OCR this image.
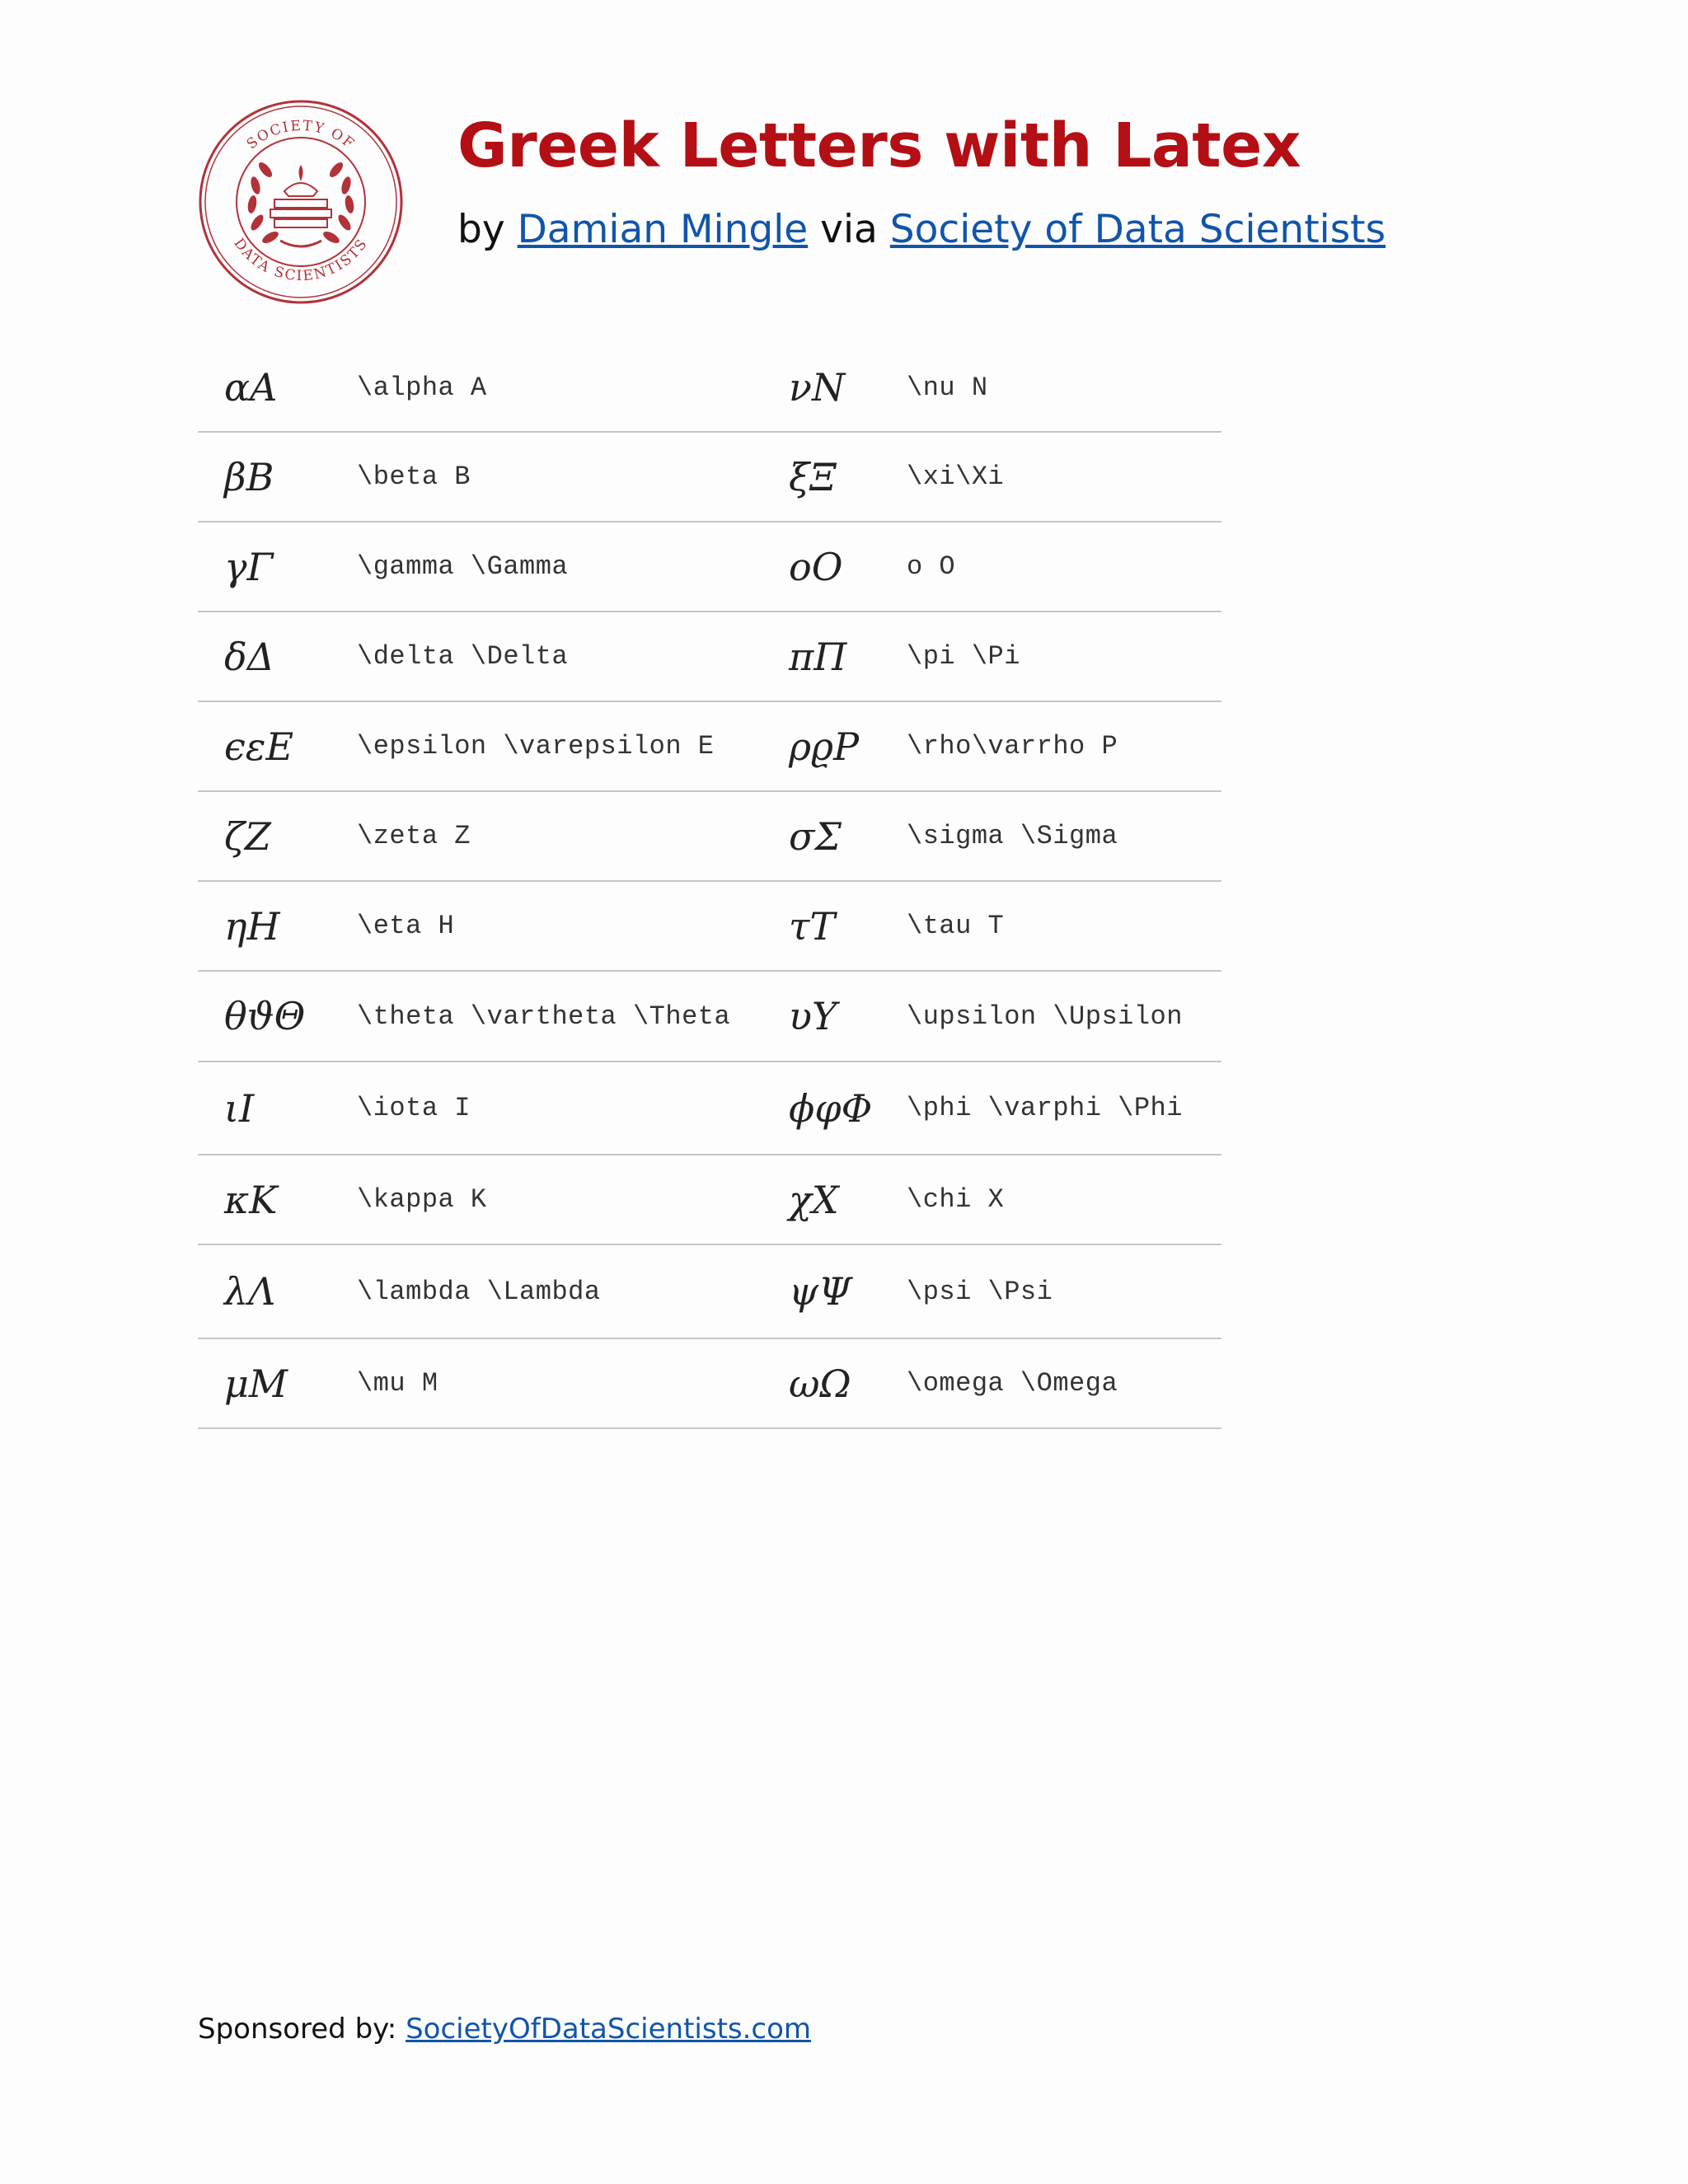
SOCIETY OF
DATA SCIENTISTS
Greek Letters with Latex
by Damian Mingle via Society of Data Scientists
αA	\alpha A	νN	\nu N
βB	\beta B	ξΞ	\xi\Xi
γΓ	\gamma \Gamma	oO	o O
δΔ	\delta \Delta	πΠ	\pi \Pi
ϵεE	\epsilon \varepsilon E	ρϱP	\rho\varrho P
ζZ	\zeta Z	σΣ	\sigma \Sigma
ηH	\eta H	τT	\tau T
θϑΘ	\theta \vartheta \Theta	υΥ	\upsilon \Upsilon
ιI	\iota I	ϕφΦ	\phi \varphi \Phi
κK	\kappa K	χX	\chi X
λΛ	\lambda \Lambda	ψΨ	\psi \Psi
μM	\mu M	ωΩ	\omega \Omega
Sponsored by: SocietyOfDataScientists.com
